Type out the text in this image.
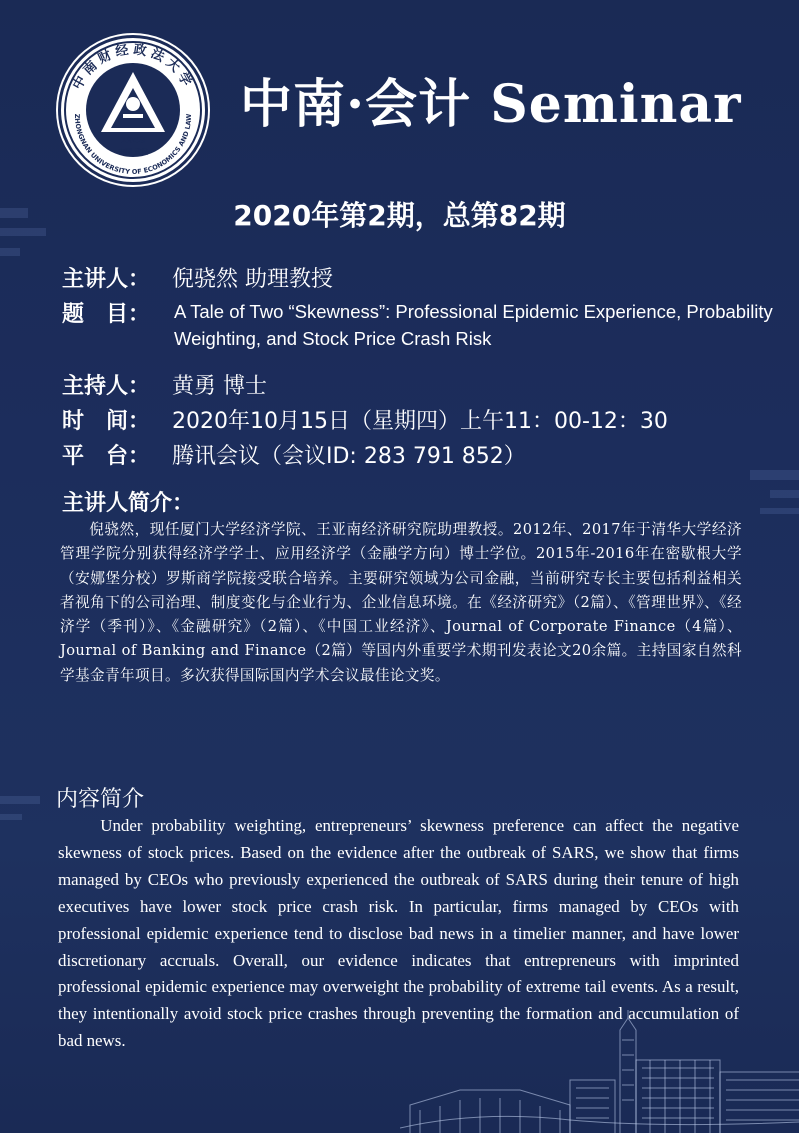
中南财经政法大学
ZHONGNAN UNIVERSITY OF ECONOMICS AND LAW
1948
中国 武汉
中南·会计 Seminar
2020年第2期，总第82期
主讲人： 倪骁然 助理教授
题　目：	A Tale of Two “Skewness”: Professional Epidemic Experience, Probability Weighting, and Stock Price Crash Risk
主持人： 黄勇 博士
时　间： 2020年10月15日（星期四）上午11：00-12：30
平　台： 腾讯会议（会议ID: 283 791 852）
主讲人简介：
倪骁然，现任厦门大学经济学院、王亚南经济研究院助理教授。2012年、2017年于清华大学经济管理学院分别获得经济学学士、应用经济学（金融学方向）博士学位。2015年-2016年在密歇根大学（安娜堡分校）罗斯商学院接受联合培养。主要研究领域为公司金融，当前研究专长主要包括利益相关者视角下的公司治理、制度变化与企业行为、企业信息环境。在《经济研究》（2篇）、《管理世界》、《经济学（季刊）》、《金融研究》（2篇）、《中国工业经济》、Journal of Corporate Finance（4篇）、Journal of Banking and Finance（2篇）等国内外重要学术期刊发表论文20余篇。主持国家自然科学基金青年项目。多次获得国际国内学术会议最佳论文奖。
内容简介
Under probability weighting, entrepreneurs’ skewness preference can affect the negative skewness of stock prices. Based on the evidence after the outbreak of SARS, we show that firms managed by CEOs who previously experienced the outbreak of SARS during their tenure of high executives have lower stock price crash risk. In particular, firms managed by CEOs with professional epidemic experience tend to disclose bad news in a timelier manner, and have lower discretionary accruals. Overall, our evidence indicates that entrepreneurs with imprinted professional epidemic experience may overweight the probability of extreme tail events. As a result, they intentionally avoid stock price crashes through preventing the formation and accumulation of bad news.
